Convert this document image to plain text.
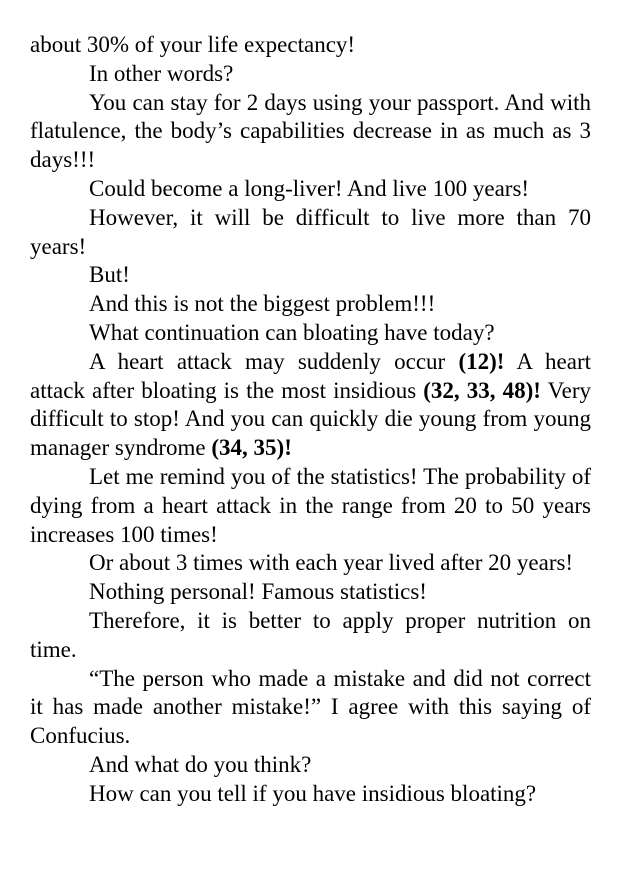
about 30% of your life expectancy!

In other words?

You can stay for 2 days using your passport. And with flatulence, the body’s capabilities decrease in as much as 3 days!!!

Could become a long-liver! And live 100 years!

However, it will be difficult to live more than 70 years!

But!

And this is not the biggest problem!!!

What continuation can bloating have today?

A heart attack may suddenly occur (12)! A heart attack after bloating is the most insidious (32, 33, 48)! Very difficult to stop! And you can quickly die young from young manager syndrome (34, 35)!

Let me remind you of the statistics! The probability of dying from a heart attack in the range from 20 to 50 years increases 100 times!

Or about 3 times with each year lived after 20 years!

Nothing personal! Famous statistics!

Therefore, it is better to apply proper nutrition on time.

“The person who made a mistake and did not correct it has made another mistake!” I agree with this saying of Confucius.

And what do you think?

How can you tell if you have insidious bloating?
